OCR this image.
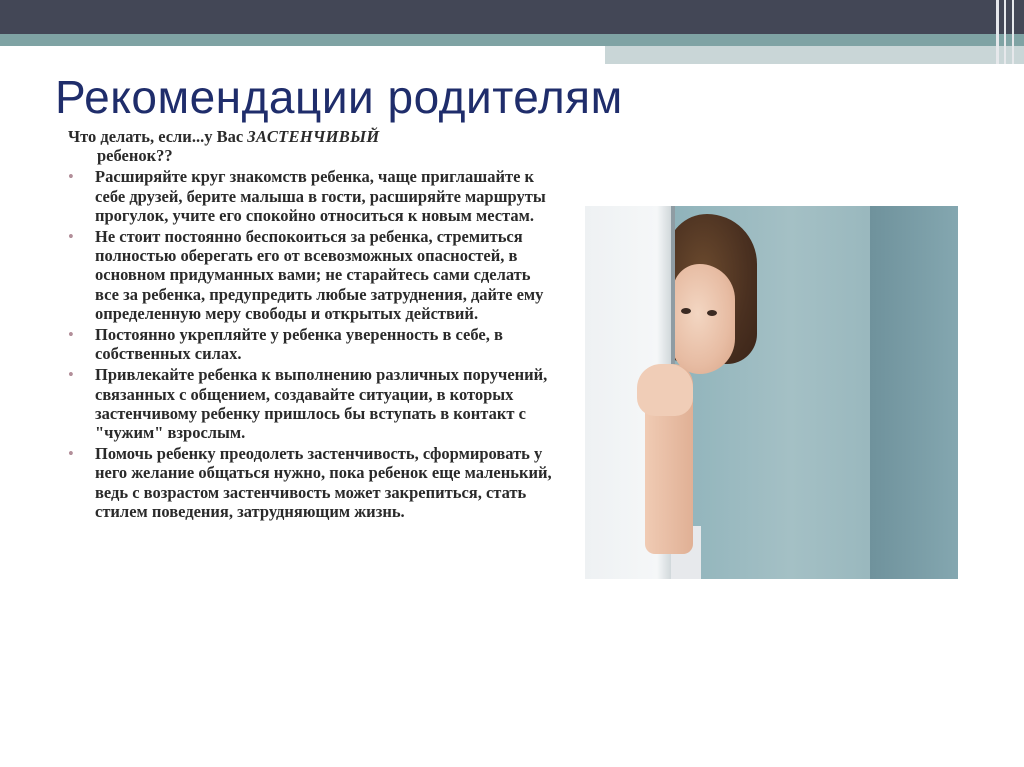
Рекомендации родителям

Что делать, если...у Вас ЗАСТЕНЧИВЫЙ
ребенок??

• Расширяйте круг знакомств ребенка, чаще приглашайте к себе друзей, берите малыша в гости, расширяйте маршруты прогулок, учите его спокойно относиться к новым местам.
• Не стоит постоянно беспокоиться за ребенка, стремиться полностью оберегать его от всевозможных опасностей, в основном придуманных вами; не старайтесь сами сделать все за ребенка, предупредить любые затруднения, дайте ему определенную меру свободы и открытых действий.
• Постоянно укрепляйте у ребенка уверенность в себе, в собственных силах.
• Привлекайте ребенка к выполнению различных поручений, связанных с общением, создавайте ситуации, в которых застенчивому ребенку пришлось бы вступать в контакт с "чужим" взрослым.
• Помочь ребенку преодолеть застенчивость, сформировать у него желание общаться нужно, пока ребенок еще маленький, ведь с возрастом застенчивость может закрепиться, стать стилем поведения, затрудняющим жизнь.
